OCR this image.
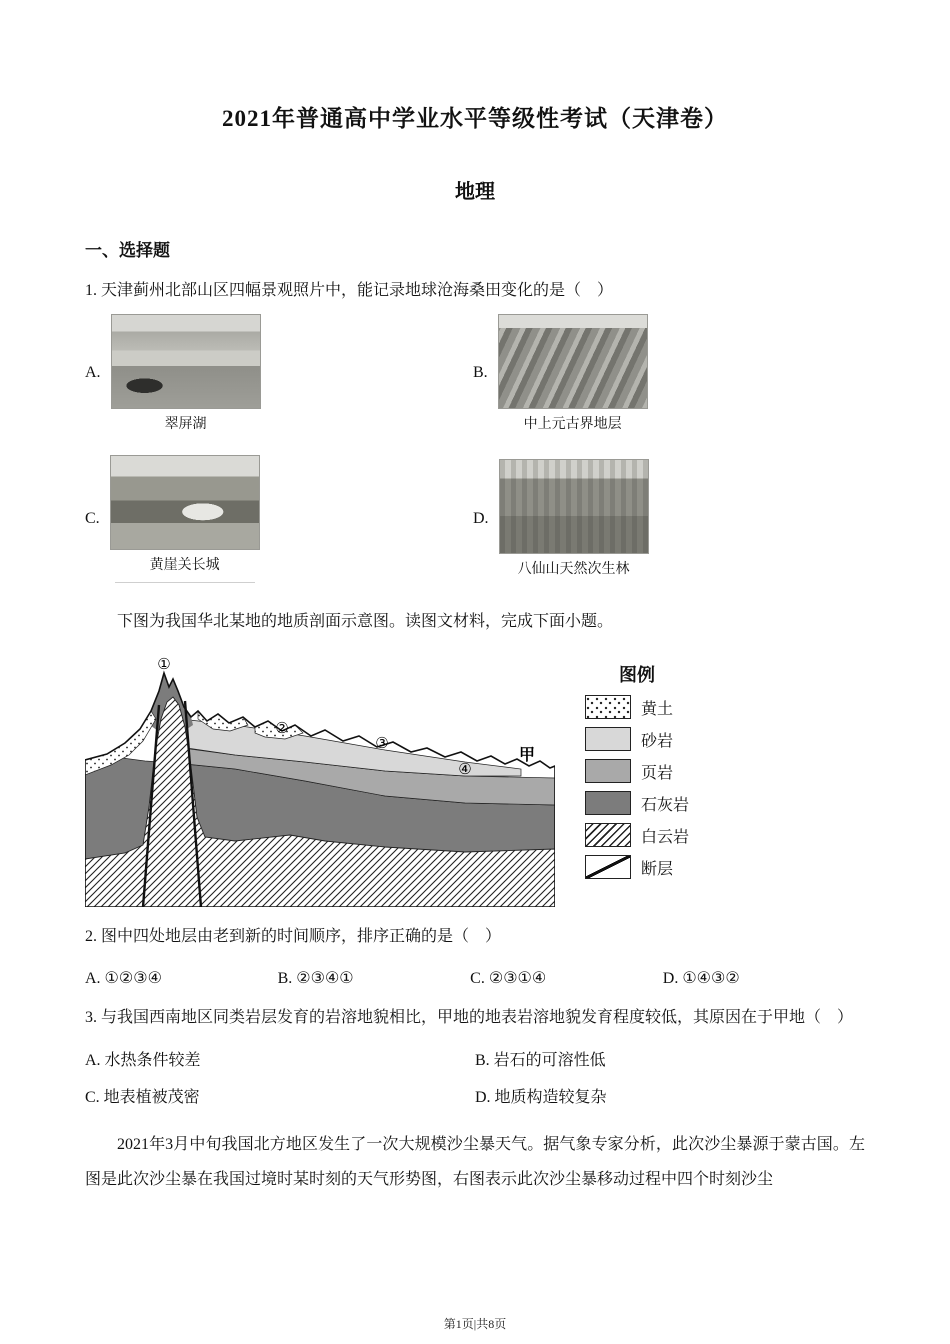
2021年普通高中学业水平等级性考试（天津卷）
地理
一、选择题
1. 天津蓟州北部山区四幅景观照片中，能记录地球沧海桑田变化的是（    ）
A.
翠屏湖
B.
中上元古界地层
C.
黄崖关长城
D.
八仙山天然次生林
下图为我国华北某地的地质剖面示意图。读图文材料，完成下面小题。
①
②
③
④
甲
图例
黄土
砂岩
页岩
石灰岩
白云岩
断层
2. 图中四处地层由老到新的时间顺序，排序正确的是（    ）
A. ①②③④	B. ②③④①	C. ②③①④	D. ①④③②
3. 与我国西南地区同类岩层发育的岩溶地貌相比，甲地的地表岩溶地貌发育程度较低，其原因在于甲地（    ）
A. 水热条件较差	B. 岩石的可溶性低
C. 地表植被茂密	D. 地质构造较复杂
2021年3月中旬我国北方地区发生了一次大规模沙尘暴天气。据气象专家分析，此次沙尘暴源于蒙古国。左图是此次沙尘暴在我国过境时某时刻的天气形势图，右图表示此次沙尘暴移动过程中四个时刻沙尘
第1页|共8页
